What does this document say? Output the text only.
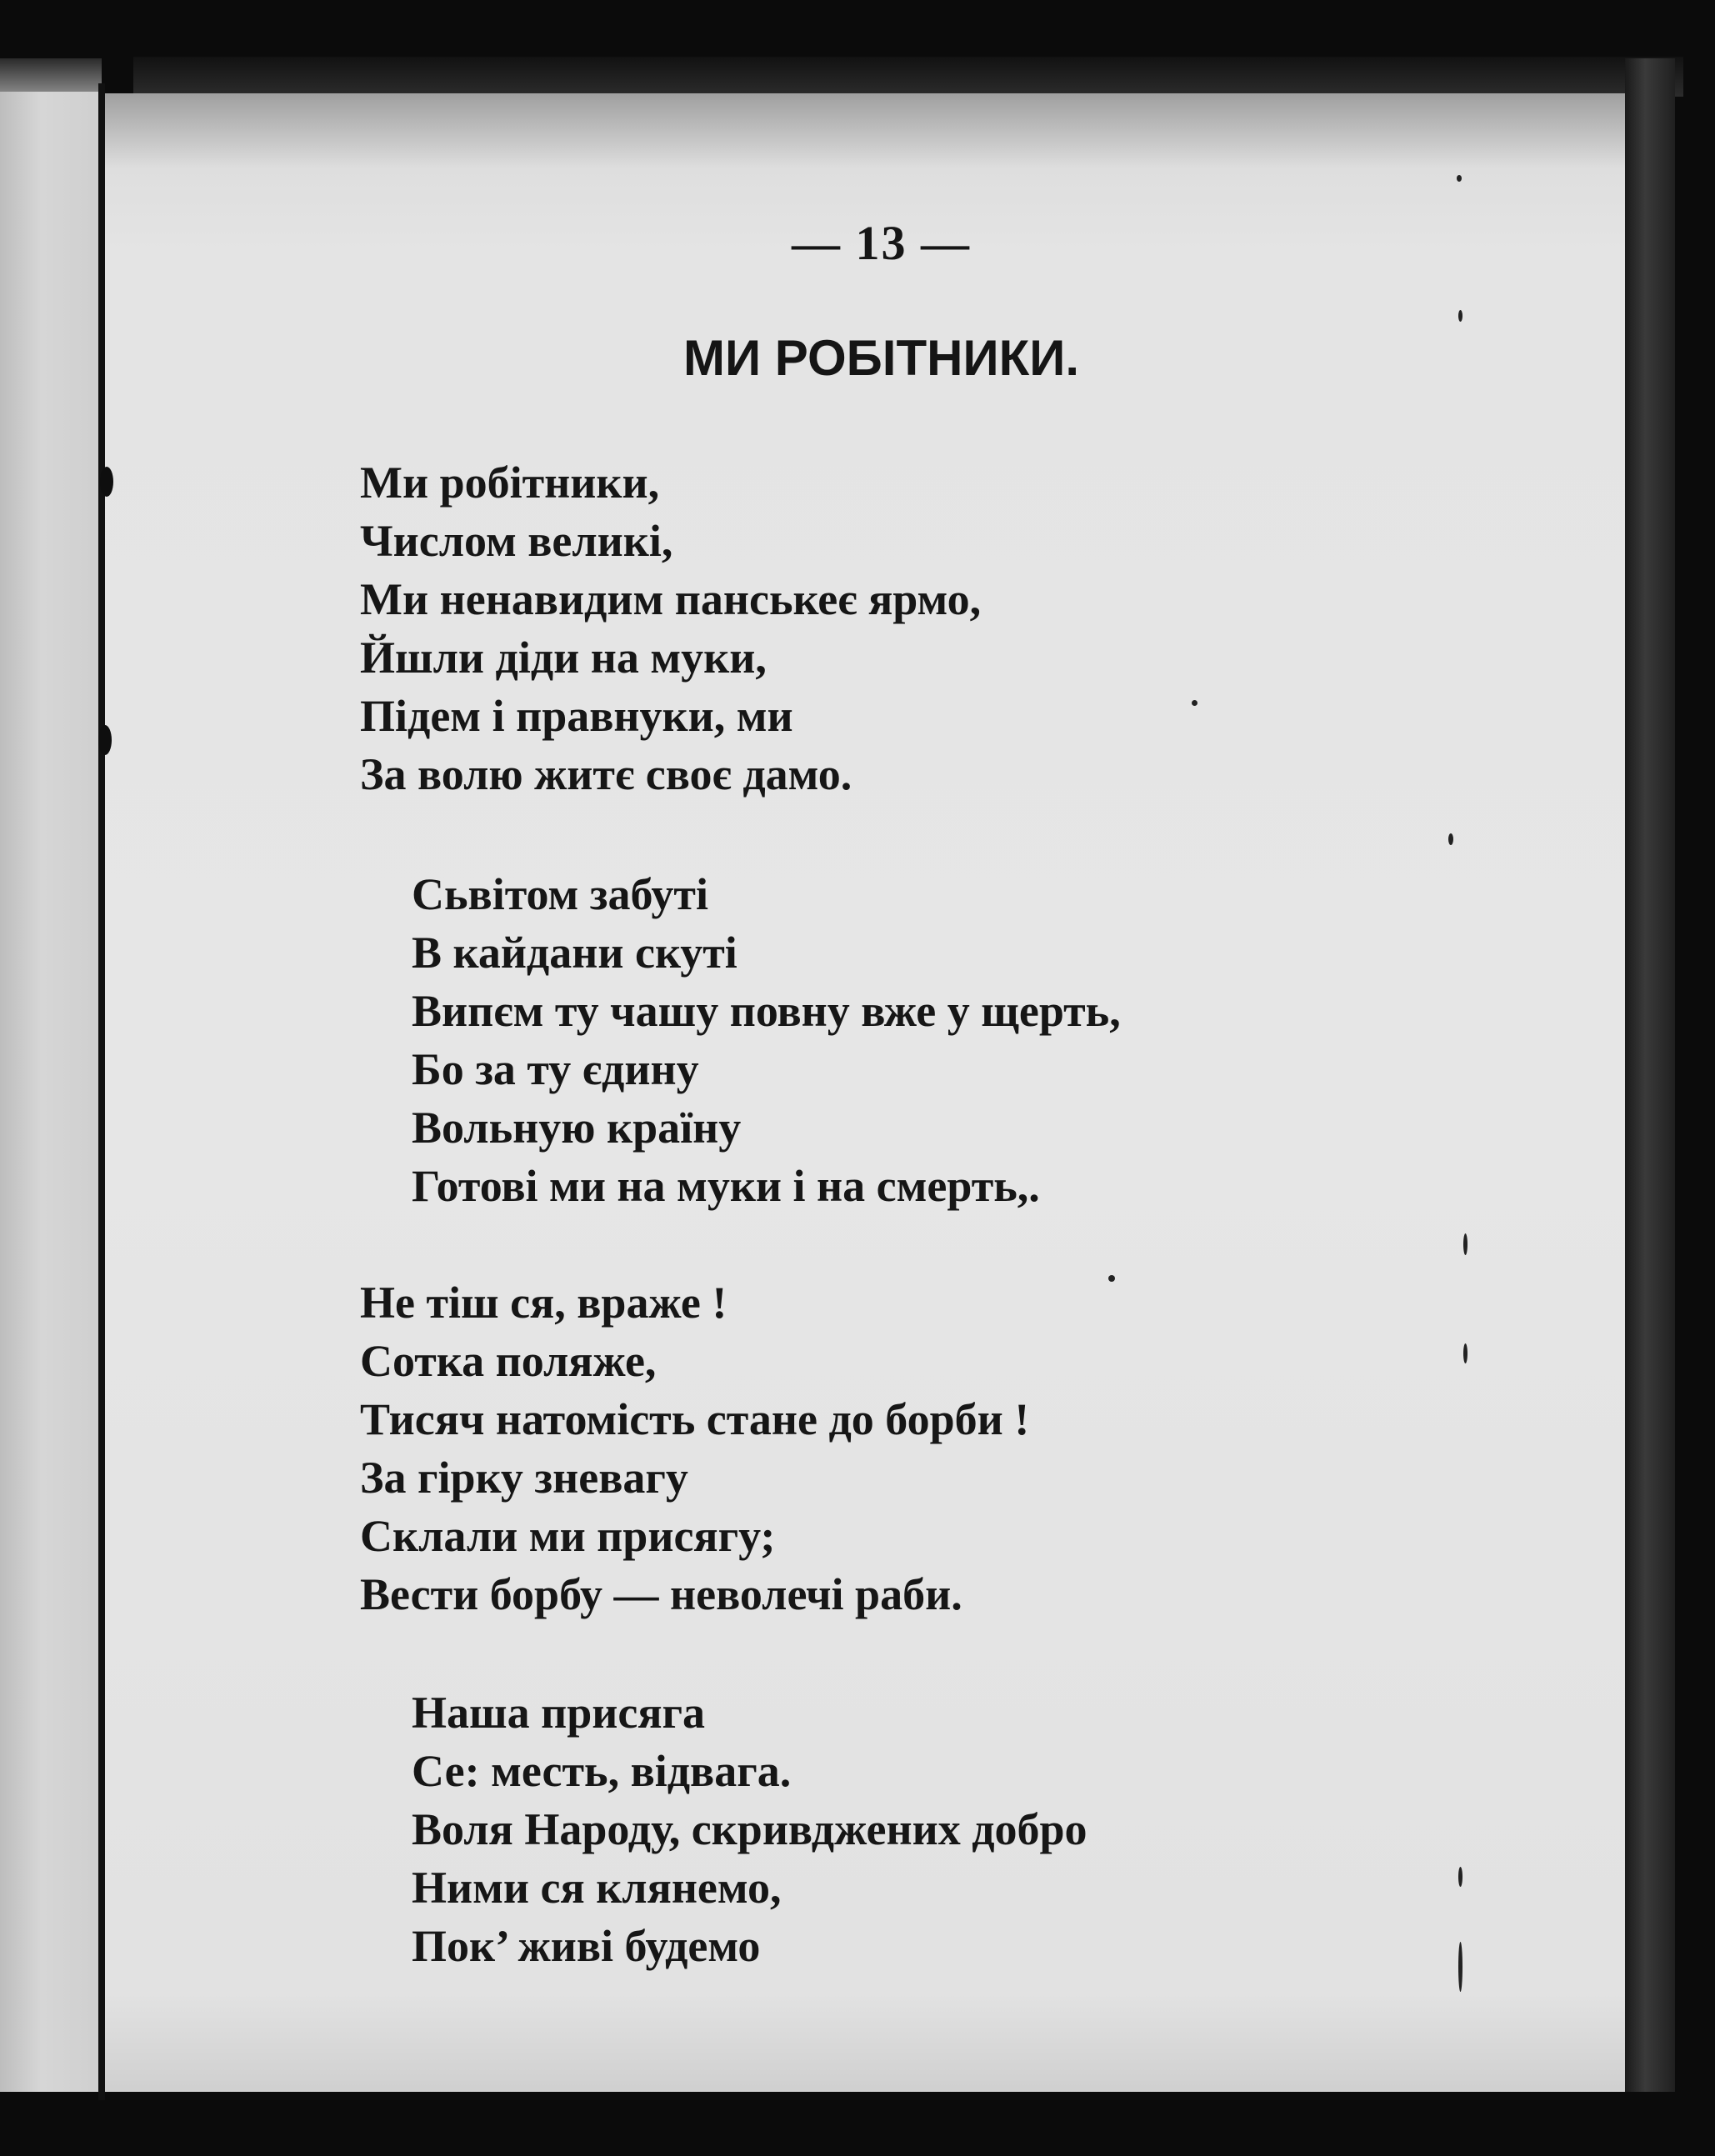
— 13 —
МИ РОБІТНИКИ.
Ми робітники,
Числом великі,
Ми ненавидим панськеє ярмо,
Йшли діди на муки,
Підем і правнуки, ми
За волю житє своє дамо.
Сьвітом забуті
В кайдани скуті
Випєм ту чашу повну вже у щерть,
Бо за ту єдину
Вольную країну
Готові ми на муки і на смерть,.
Не тіш ся, враже !
Сотка поляже,
Тисяч натомість стане до борби !
За гірку зневагу
Склали ми присягу;
Вести борбу — неволечі раби.
Наша присяга
Се: месть, відвага.
Воля Народу, скривджених добро
Ними ся клянемо,
Пок’ живі будемо
